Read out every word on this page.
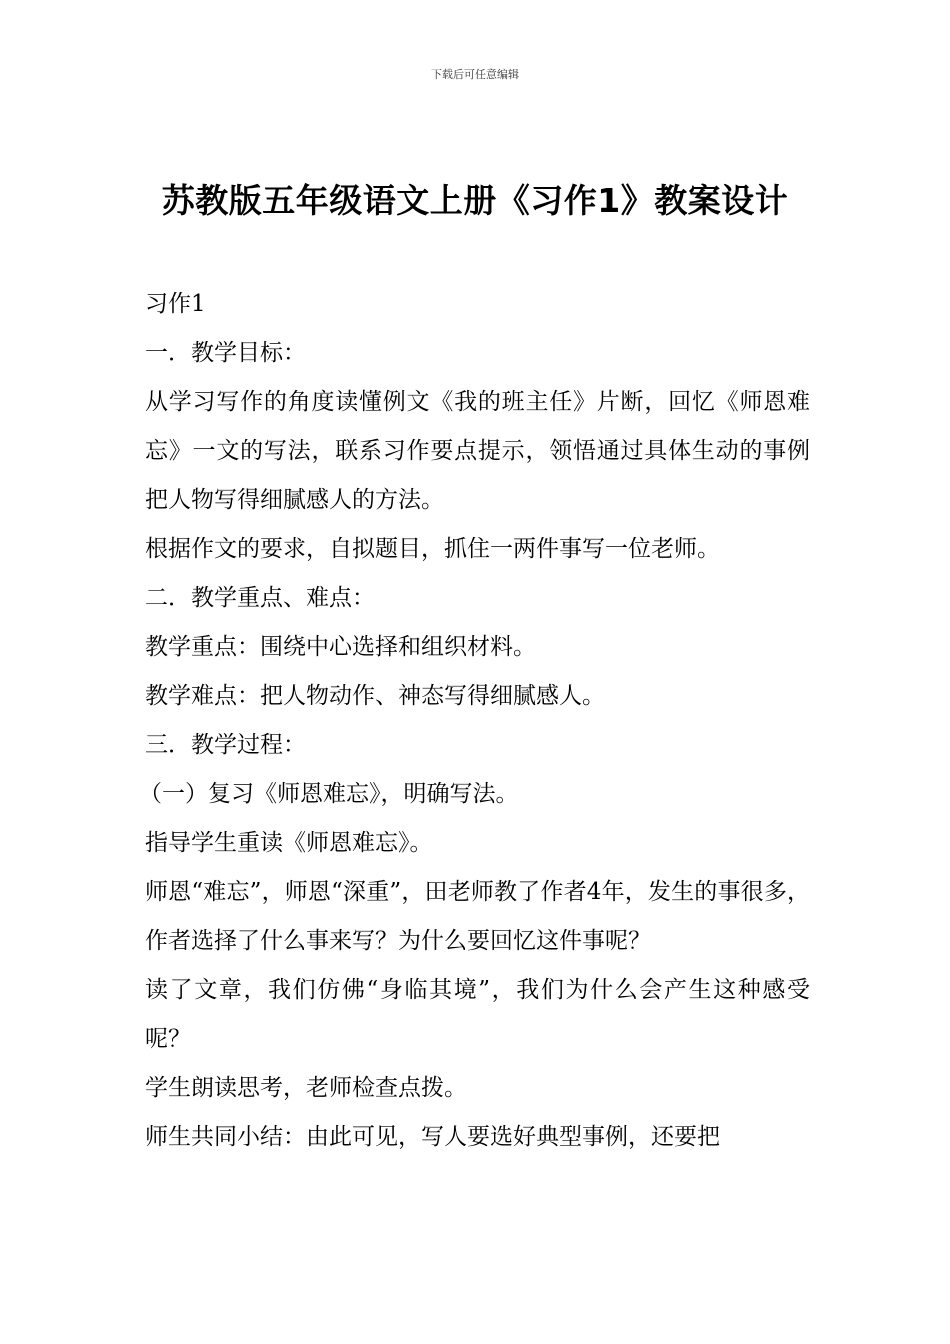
下载后可任意编辑
苏教版五年级语文上册《习作1》教案设计

习作1

一．教学目标：

从学习写作的角度读懂例文《我的班主任》片断，回忆《师恩难忘》一文的写法，联系习作要点提示，领悟通过具体生动的事例把人物写得细腻感人的方法。

根据作文的要求，自拟题目，抓住一两件事写一位老师。

二．教学重点、难点：

教学重点：围绕中心选择和组织材料。

教学难点：把人物动作、神态写得细腻感人。

三．教学过程：

（一）复习《师恩难忘》，明确写法。

指导学生重读《师恩难忘》。

师恩“难忘”，师恩“深重”，田老师教了作者4年，发生的事很多，作者选择了什么事来写？为什么要回忆这件事呢？

读了文章，我们仿佛“身临其境”，我们为什么会产生这种感受呢？

学生朗读思考，老师检查点拨。

师生共同小结：由此可见，写人要选好典型事例，还要把
